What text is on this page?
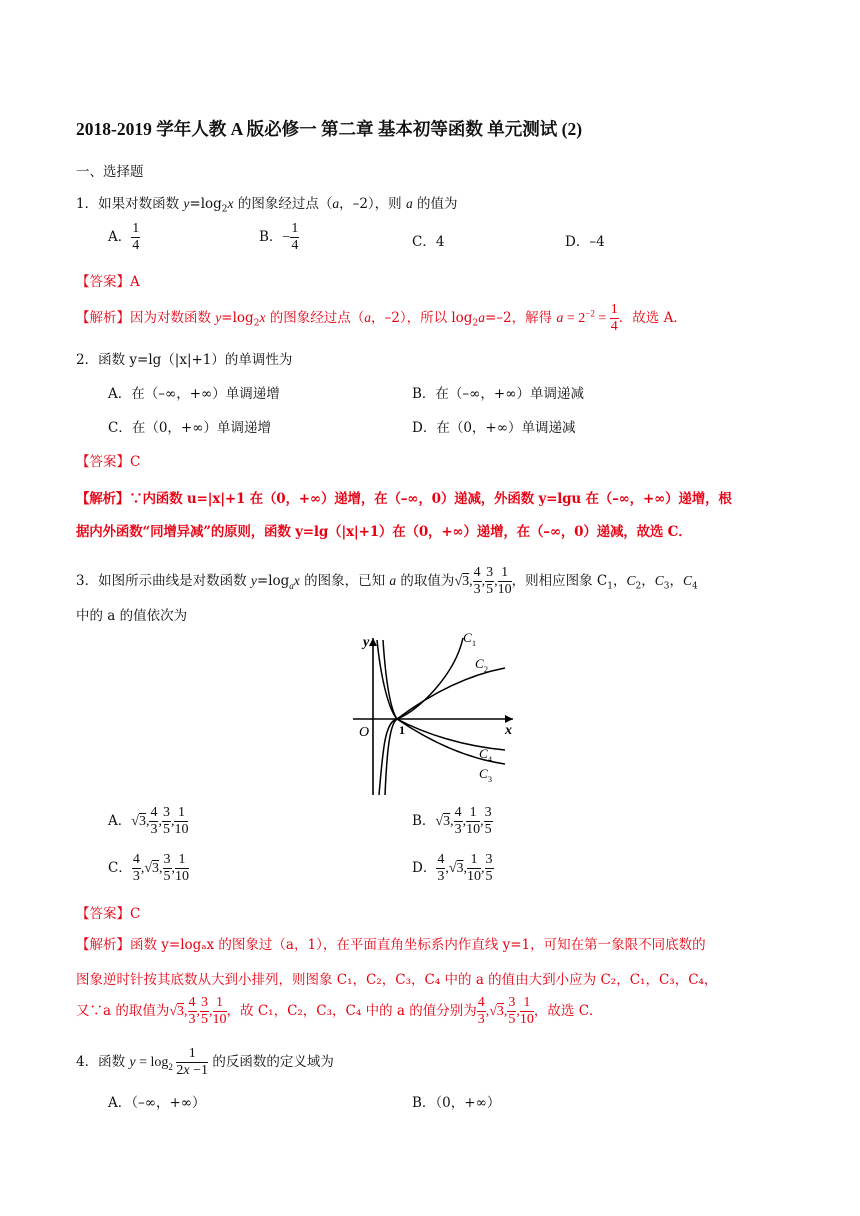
2018-2019 学年人教 A 版必修一 第二章 基本初等函数 单元测试 (2)
一、选择题
1．如果对数函数 $y=\log_2x$ 的图象经过点（a，–2），则 a 的值为
A． $\frac{1}{4}$	B．− $\frac{1}{4}$	C．4	D．–4
【答案】A
【解析】因为对数函数 $y=\log_2x$ 的图象经过点（a，–2），所以 $\log_2a=-2$，解得 $a = 2^{-2} = \frac{1}{4}$ ．故选 A．
2．函数 y=lg（|x|+1）的单调性为
A．在（–∞，+∞）单调递增	B．在（–∞，+∞）单调递减
C．在（0，+∞）单调递增	D．在（0，+∞）单调递减
【答案】C
【解析】∵内函数 u=|x|+1 在（0，+∞）递增，在（–∞，0）递减，外函数 y=lgu 在（–∞，+∞）递增，根
据内外函数“同增异减”的原则，函数 y=lg（|x|+1）在（0，+∞）递增，在（–∞，0）递减，故选 C．
3．如图所示曲线是对数函数 $y=\log_ax$ 的图象，已知 a 的取值为√3, $\frac{4}{3}$ , $\frac{3}{5}$ , $\frac{1}{10}$ ，则相应图象 $C_1$，$C_2$，$C_3$，$C_4$
中的 a 的值依次为
y
x
O 1
C 1
C 2
C 4
C 3
A．√3, $\frac{4}{3}$ , $\frac{3}{5}$ , $\frac{1}{10}$	B．√3, $\frac{4}{3}$ , $\frac{1}{10}$ , $\frac{3}{5}$
C． $\frac{4}{3} ,√3$, $\frac{3}{5}$ , $\frac{1}{10}$	D． $\frac{4}{3} ,√3$, $\frac{1}{10}$ , $\frac{3}{5}$
【答案】C
【解析】函数 y=logₐx 的图象过（a，1），在平面直角坐标系内作直线 y=1，可知在第一象限不同底数的
图象逆时针按其底数从大到小排列，则图象 C₁，C₂，C₃，C₄ 中的 a 的值由大到小应为 C₂，C₁，C₃，C₄，
又∵a 的取值为√3, $\frac{4}{3}$ , $\frac{3}{5}$ , $\frac{1}{10}$ ，故 C₁，C₂，C₃，C₄ 中的 a 的值分别为 $\frac{4}{3} ,√3$, $\frac{3}{5}$ , $\frac{1}{10}$ ，故选 C．
4．函数 $y = \log_2 \frac{1}{2x -1}$ 的反函数的定义域为
A．（–∞，+∞）	B．（0，+∞）
